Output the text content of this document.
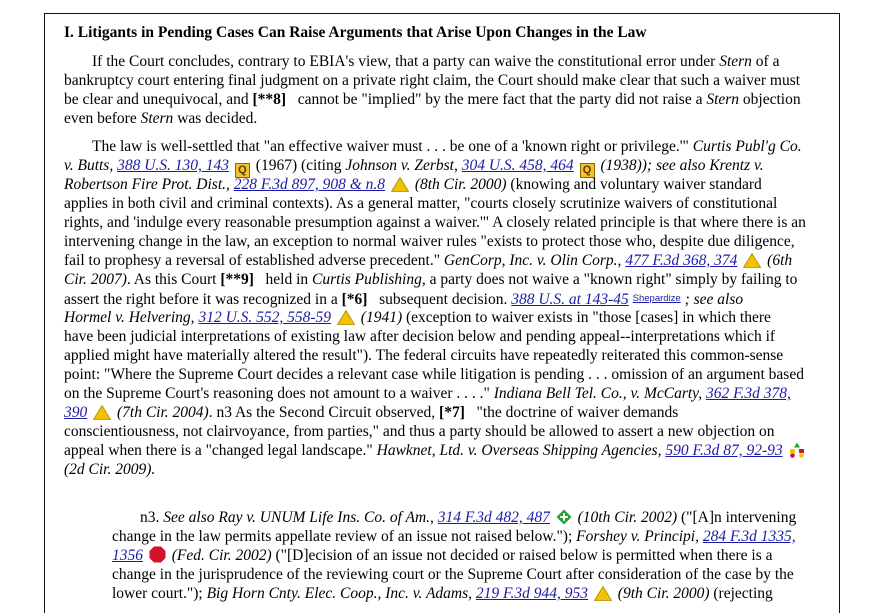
I. Litigants in Pending Cases Can Raise Arguments that Arise Upon Changes in the Law
If the Court concludes, contrary to EBIA's view, that a party can waive the constitutional error under Stern of a
bankruptcy court entering final judgment on a private right claim, the Court should make clear that such a waiver must
be clear and unequivocal, and [**8] cannot be "implied" by the mere fact that the party did not raise a Stern objection
even before Stern was decided.
The law is well-settled that "an effective waiver must . . . be one of a 'known right or privilege.'" Curtis Publ'g Co.
v. Butts, 388 U.S. 130, 143 Q (1967) (citing Johnson v. Zerbst, 304 U.S. 458, 464 Q (1938)); see also Krentz v.
Robertson Fire Prot. Dist., 228 F.3d 897, 908 & n.8 (8th Cir. 2000) (knowing and voluntary waiver standard
applies in both civil and criminal contexts). As a general matter, "courts closely scrutinize waivers of constitutional
rights, and 'indulge every reasonable presumption against a waiver.'" A closely related principle is that where there is an
intervening change in the law, an exception to normal waiver rules "exists to protect those who, despite due diligence,
fail to prophesy a reversal of established adverse precedent." GenCorp, Inc. v. Olin Corp., 477 F.3d 368, 374 (6th
Cir. 2007). As this Court [**9] held in Curtis Publishing, a party does not waive a "known right" simply by failing to
assert the right before it was recognized in a [*6] subsequent decision. 388 U.S. at 143-45 Shepardize ; see also
Hormel v. Helvering, 312 U.S. 552, 558-59 (1941) (exception to waiver exists in "those [cases] in which there
have been judicial interpretations of existing law after decision below and pending appeal--interpretations which if
applied might have materially altered the result"). The federal circuits have repeatedly reiterated this common-sense
point: "Where the Supreme Court decides a relevant case while litigation is pending . . . omission of an argument based
on the Supreme Court's reasoning does not amount to a waiver . . . ." Indiana Bell Tel. Co., v. McCarty, 362 F.3d 378,
390 (7th Cir. 2004). n3 As the Second Circuit observed, [*7] "the doctrine of waiver demands
conscientiousness, not clairvoyance, from parties," and thus a party should be allowed to assert a new objection on
appeal when there is a "changed legal landscape." Hawknet, Ltd. v. Overseas Shipping Agencies, 590 F.3d 87, 92-93
(2d Cir. 2009).
n3. See also Ray v. UNUM Life Ins. Co. of Am., 314 F.3d 482, 487 (10th Cir. 2002) ("[A]n intervening
change in the law permits appellate review of an issue not raised below."); Forshey v. Principi, 284 F.3d 1335,
1356 (Fed. Cir. 2002) ("[D]ecision of an issue not decided or raised below is permitted when there is a
change in the jurisprudence of the reviewing court or the Supreme Court after consideration of the case by the
lower court."); Big Horn Cnty. Elec. Coop., Inc. v. Adams, 219 F.3d 944, 953 (9th Cir. 2000) (rejecting
